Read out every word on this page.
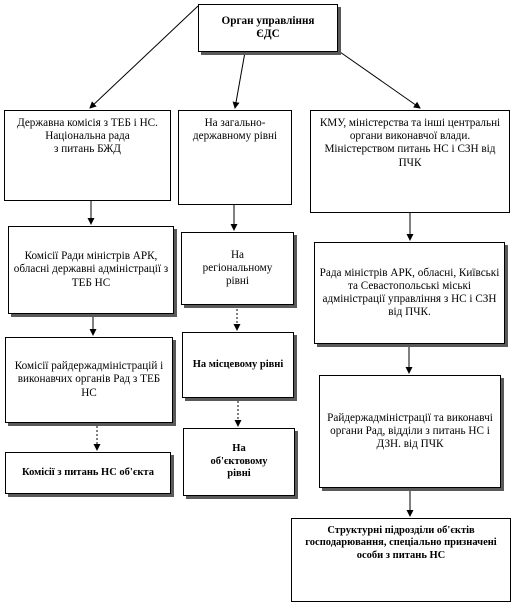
Орган управління
ЄДС
Державна комісія з ТЕБ і НС.
Національна рада
з питань БЖД
Комісії Ради міністрів АРК, обласні державні адміністрації з ТЕБ НС
Комісії райдержадміністрацій і виконавчих органів Рад з ТЕБ НС
Комісії з питань НС об'єкта
На загально-державному рівні
На
регіональному
рівні
На місцевому рівні
На
об'єктовому
рівні
КМУ, міністерства та інші центральні органи виконавчої влади. Міністерством питань НС і СЗН від ПЧК
Рада міністрів АРК, обласні, Київські та Севастопольські міські адміністрації управління з НС і СЗН від ПЧК.
Райдержадміністрації та виконавчі органи Рад, відділи з питань НС і ДЗН. від ПЧК
Структурні підрозділи об'єктів господарювання, спеціально призначені особи з питань НС
